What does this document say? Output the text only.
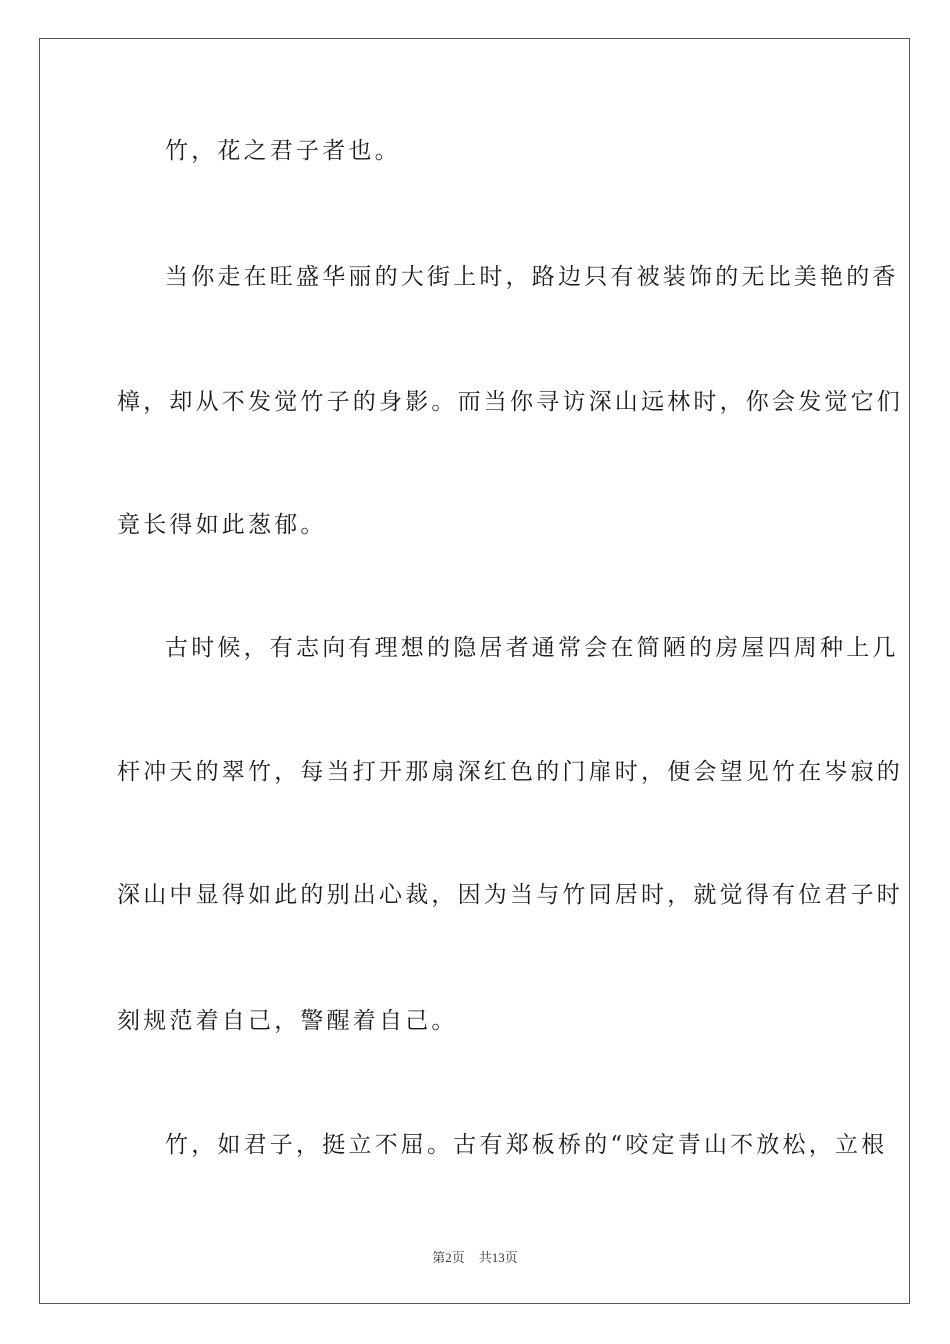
竹，花之君子者也。
当你走在旺盛华丽的大街上时，路边只有被装饰的无比美艳的香
樟，却从不发觉竹子的身影。而当你寻访深山远林时，你会发觉它们
竟长得如此葱郁。
古时候，有志向有理想的隐居者通常会在简陋的房屋四周种上几
杆冲天的翠竹，每当打开那扇深红色的门扉时，便会望见竹在岑寂的
深山中显得如此的别出心裁，因为当与竹同居时，就觉得有位君子时
刻规范着自己，警醒着自己。
竹，如君子，挺立不屈。古有郑板桥的“咬定青山不放松，立根
第2页 共13页
